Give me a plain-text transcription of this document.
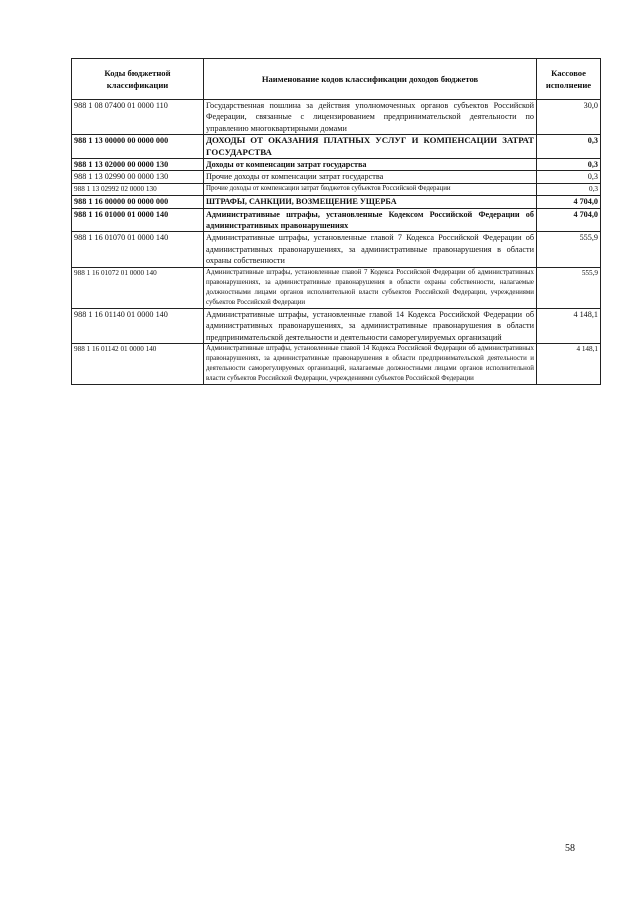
Коды бюджетной классификации	Наименование кодов классификации доходов бюджетов	Кассовое исполнение
988 1 08 07400 01 0000 110	Государственная пошлина за действия уполномоченных органов субъектов Российской Федерации, связанные с лицензированием предпринимательской деятельности по управлению многоквартирными домами	30,0
988 1 13 00000 00 0000 000	ДОХОДЫ ОТ ОКАЗАНИЯ ПЛАТНЫХ УСЛУГ И КОМПЕНСАЦИИ ЗАТРАТ ГОСУДАРСТВА	0,3
988 1 13 02000 00 0000 130	Доходы от компенсации затрат государства	0,3
988 1 13 02990 00 0000 130	Прочие доходы от компенсации затрат государства	0,3
988 1 13 02992 02 0000 130	Прочие доходы от компенсации затрат бюджетов субъектов Российской Федерации	0,3
988 1 16 00000 00 0000 000	ШТРАФЫ, САНКЦИИ, ВОЗМЕЩЕНИЕ УЩЕРБА	4 704,0
988 1 16 01000 01 0000 140	Административные штрафы, установленные Кодексом Российской Федерации об административных правонарушениях	4 704,0
988 1 16 01070 01 0000 140	Административные штрафы, установленные главой 7 Кодекса Российской Федерации об административных правонарушениях, за административные правонарушения в области охраны собственности	555,9
988 1 16 01072 01 0000 140	Административные штрафы, установленные главой 7 Кодекса Российской Федерации об административных правонарушениях, за административные правонарушения в области охраны собственности, налагаемые должностными лицами органов исполнительной власти субъектов Российской Федерации, учреждениями субъектов Российской Федерации	555,9
988 1 16 01140 01 0000 140	Административные штрафы, установленные главой 14 Кодекса Российской Федерации об административных правонарушениях, за административные правонарушения в области предпринимательской деятельности и деятельности саморегулируемых организаций	4 148,1
988 1 16 01142 01 0000 140	Административные штрафы, установленные главой 14 Кодекса Российской Федерации об административных правонарушениях, за административные правонарушения в области предпринимательской деятельности и деятельности саморегулируемых организаций, налагаемые должностными лицами органов исполнительной власти субъектов Российской Федерации, учреждениями субъектов Российской Федерации	4 148,1
58
